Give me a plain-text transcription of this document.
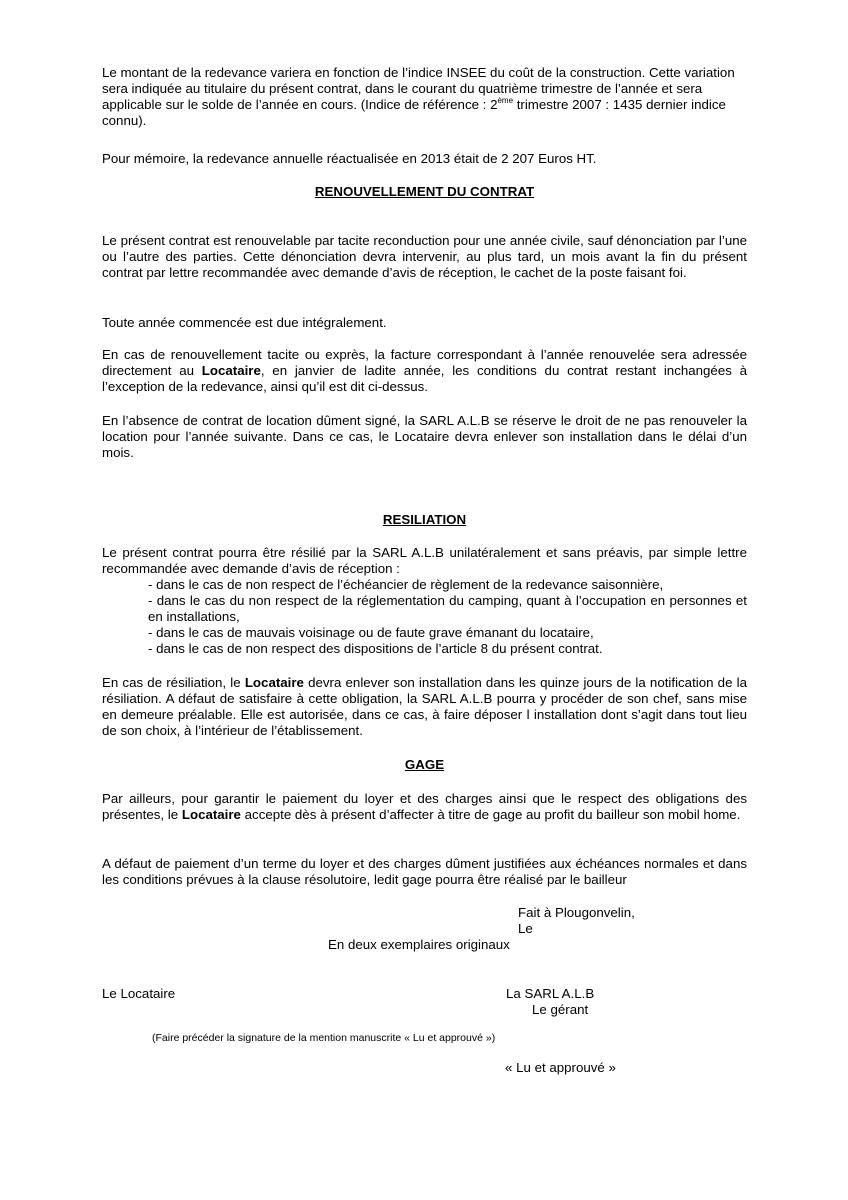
Le montant de la redevance variera en fonction de l’indice INSEE du coût de la construction. Cette variation sera indiquée au titulaire du présent contrat, dans le courant du quatrième trimestre de l’année et sera applicable sur le solde de l’année en cours. (Indice de référence : 2ème trimestre 2007 : 1435 dernier indice connu).
Pour mémoire, la redevance annuelle réactualisée en 2013 était de 2 207 Euros HT.
RENOUVELLEMENT DU CONTRAT
Le présent contrat est renouvelable par tacite reconduction pour une année civile, sauf dénonciation par l’une ou l’autre des parties. Cette dénonciation devra intervenir, au plus tard, un mois avant la fin du présent contrat par lettre recommandée avec demande d’avis de réception, le cachet de la poste faisant foi.
Toute année commencée est due intégralement.
En cas de renouvellement tacite ou exprès, la facture correspondant à l’année renouvelée sera adressée directement au Locataire, en janvier de ladite année, les conditions du contrat restant inchangées à l’exception de la redevance, ainsi qu’il est dit ci-dessus.
En l’absence de contrat de location dûment signé, la SARL A.L.B se réserve le droit de ne pas renouveler la location pour l’année suivante. Dans ce cas, le Locataire devra enlever son installation dans le délai d’un mois.
RESILIATION
Le présent contrat pourra être résilié par la SARL A.L.B unilatéralement et sans préavis, par simple lettre recommandée avec demande d’avis de réception :
- dans le cas de non respect de l’échéancier de règlement de la redevance saisonnière,
- dans le cas du non respect de la réglementation du camping, quant à l’occupation en personnes et en installations,
- dans le cas de mauvais voisinage ou de faute grave émanant du locataire,
- dans le cas de non respect des dispositions de l’article 8 du présent contrat.
En cas de résiliation, le Locataire devra enlever son installation dans les quinze jours de la notification de la résiliation. A défaut de satisfaire à cette obligation, la SARL A.L.B pourra y procéder de son chef, sans mise en demeure préalable. Elle est autorisée, dans ce cas, à faire déposer l installation dont s’agit dans tout lieu de son choix, à l’intérieur de l’établissement.
GAGE
Par ailleurs, pour garantir le paiement du loyer et des charges ainsi que le respect des obligations des présentes, le Locataire accepte dès à présent d’affecter à titre de gage au profit du bailleur son mobil home.
A défaut de paiement d’un terme du loyer et des charges dûment justifiées aux échéances normales et dans les conditions prévues à la clause résolutoire, ledit gage pourra être réalisé par le bailleur
Fait à Plougonvelin,
Le
En deux exemplaires originaux
Le Locataire	La SARL A.L.B
Le gérant
(Faire précéder la signature de la mention manuscrite « Lu et approuvé »)
« Lu et approuvé »
